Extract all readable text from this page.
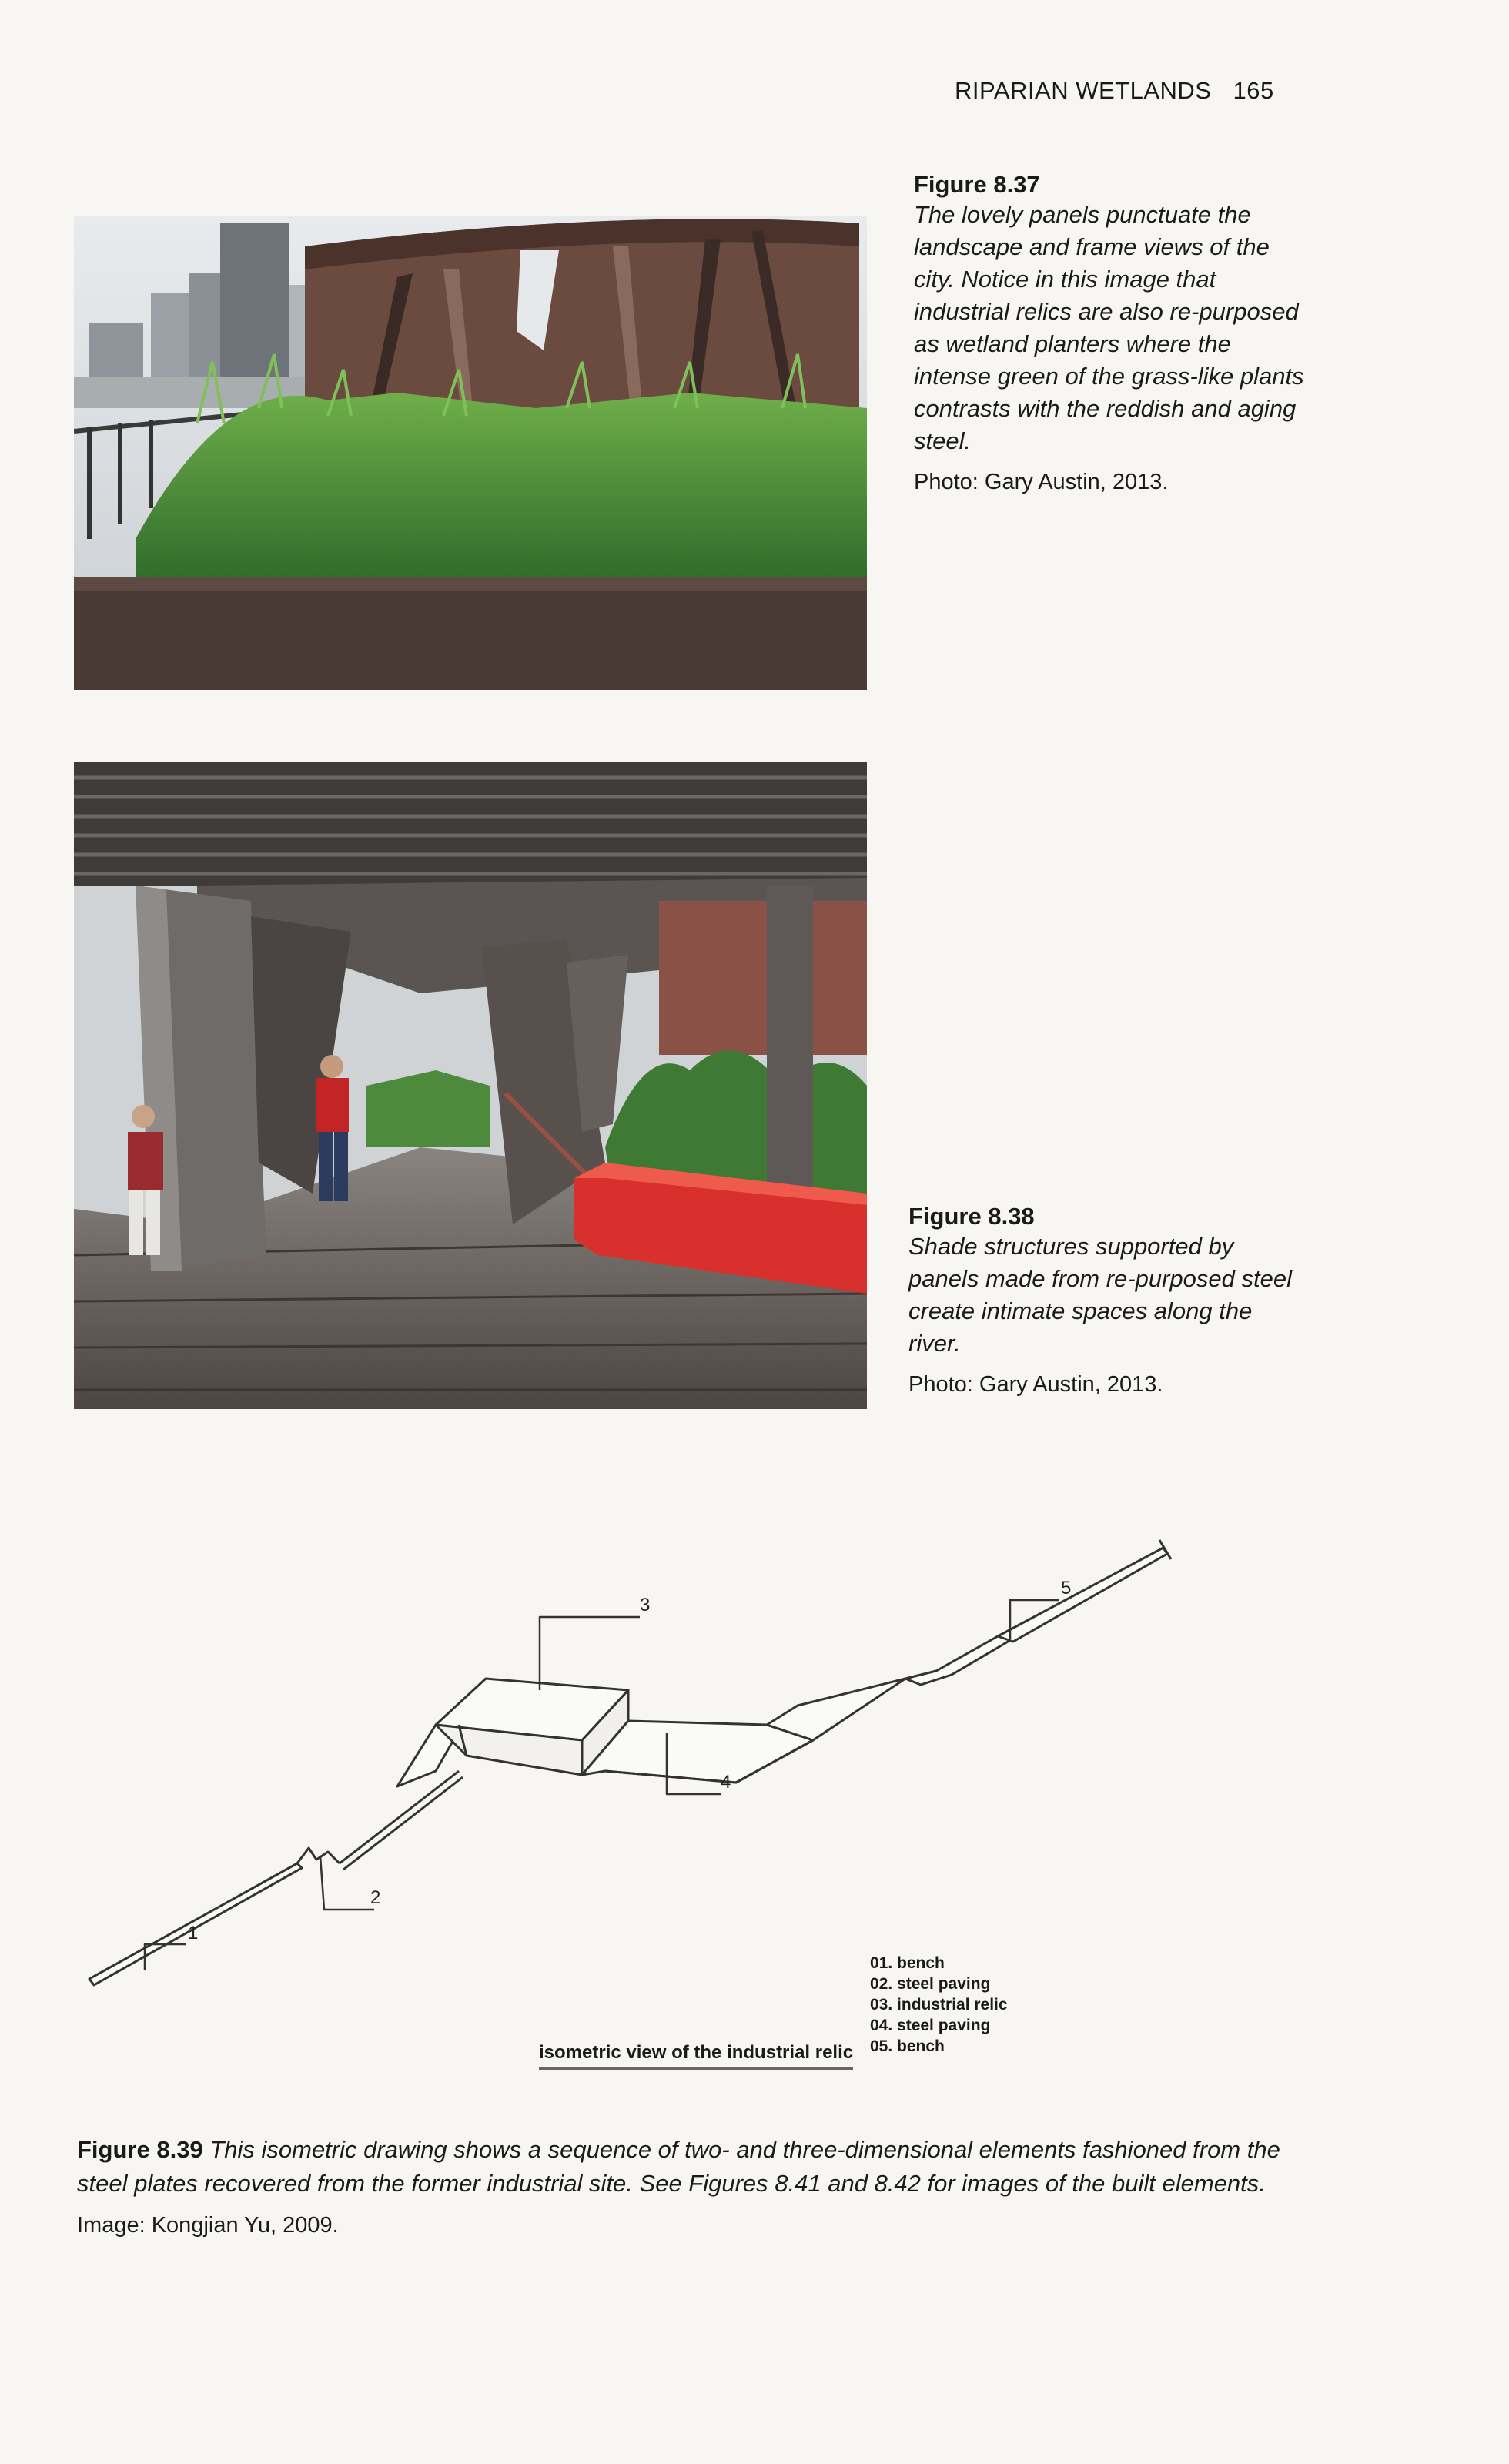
RIPARIAN WETLANDS 165
Figure 8.37
The lovely panels punctuate the landscape and frame views of the city. Notice in this image that industrial relics are also re-purposed as wetland planters where the intense green of the grass-like plants contrasts with the reddish and aging steel.
Photo: Gary Austin, 2013.
Figure 8.38
Shade structures supported by panels made from re-purposed steel create intimate spaces along the river.
Photo: Gary Austin, 2013.
1
2
3
4
5
isometric view of the industrial relic
01. bench
02. steel paving
03. industrial relic
04. steel paving
05. bench
Figure 8.39 This isometric drawing shows a sequence of two- and three-dimensional elements fashioned from the steel plates recovered from the former industrial site. See Figures 8.41 and 8.42 for images of the built elements.
Image: Kongjian Yu, 2009.
